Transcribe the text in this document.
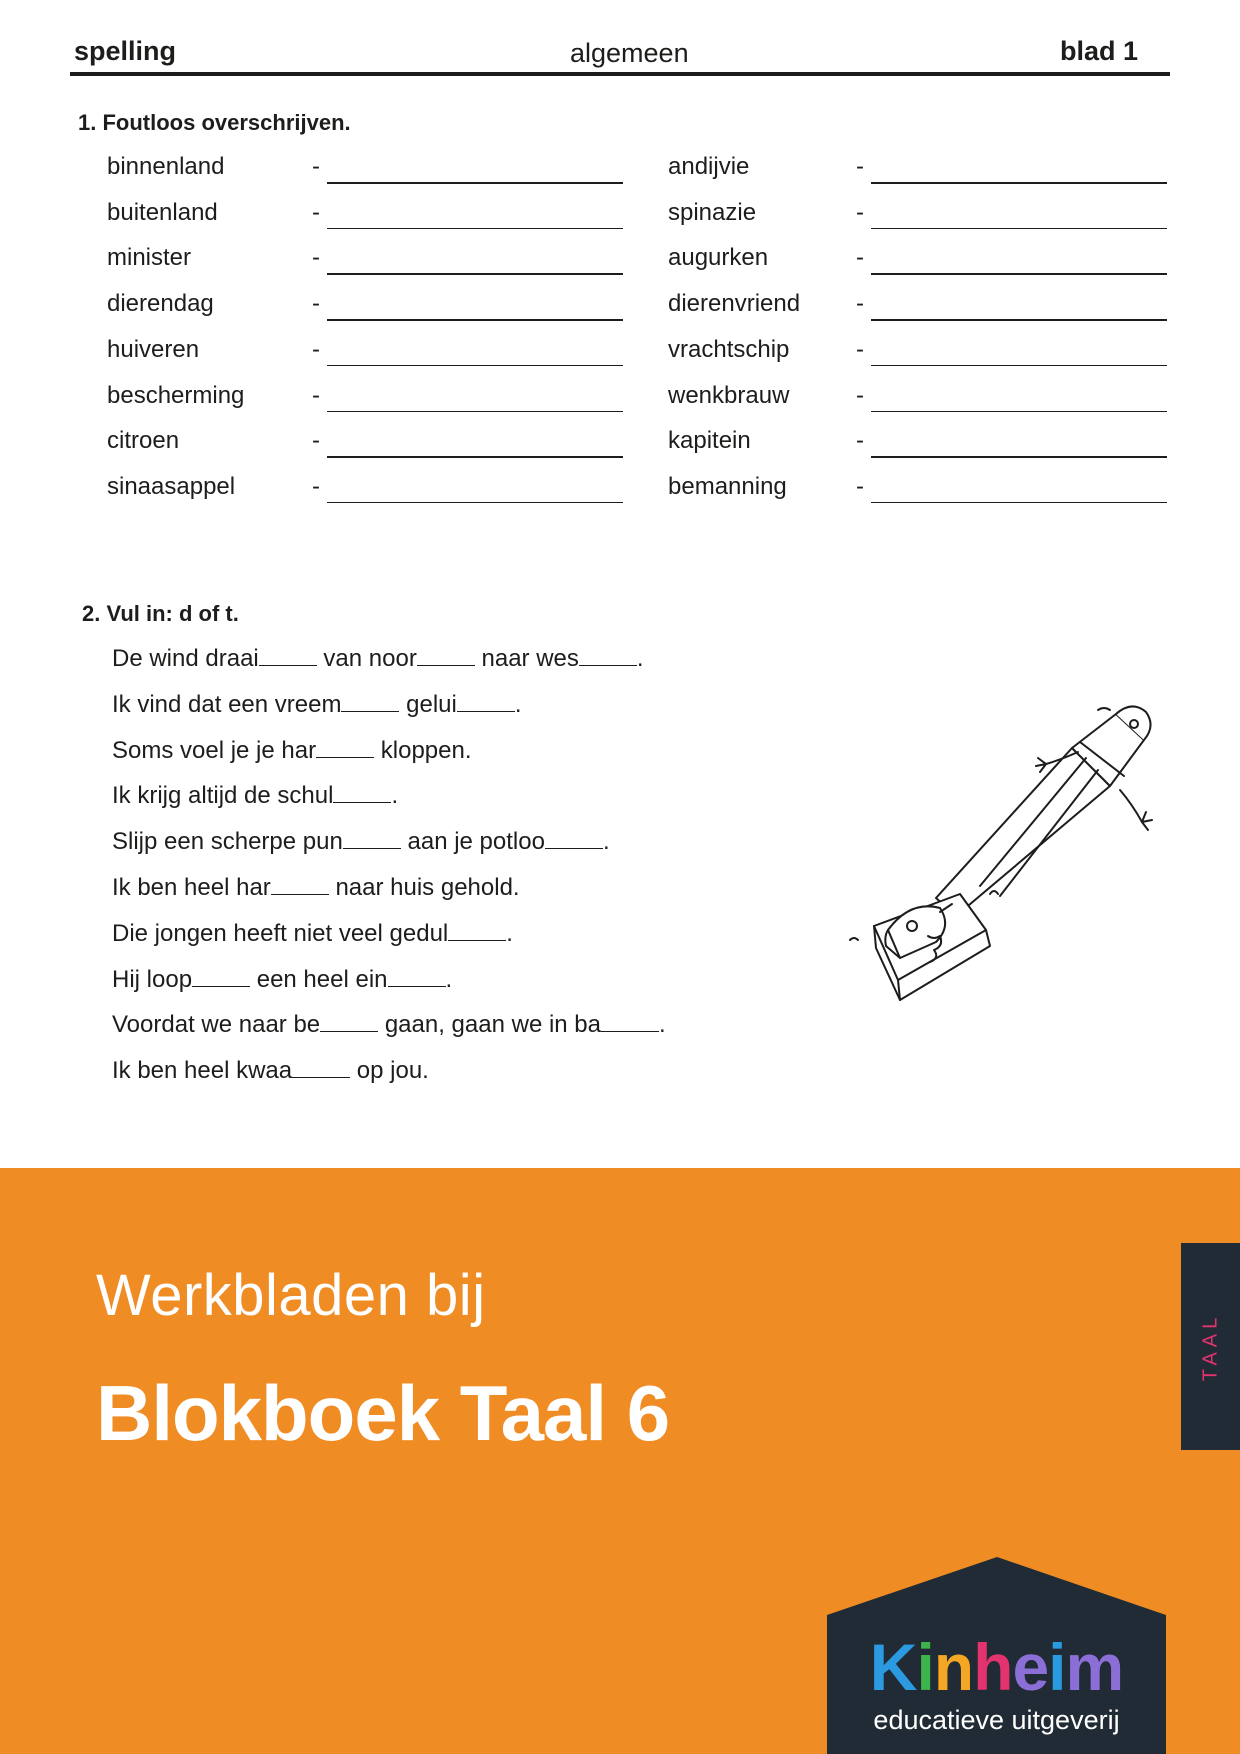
spelling	algemeen	blad 1
1. Foutloos overschrijven.
binnenland	-
buitenland	-
minister	-
dierendag	-
huiveren	-
bescherming	-
citroen	-
sinaasappel	-
andijvie	-
spinazie	-
augurken	-
dierenvriend -
vrachtschip	-
wenkbrauw	-
kapitein	-
bemanning	-
2. Vul in: d of t.
De wind draai van noor naar wes .
Ik vind dat een vreem gelui .
Soms voel je je har kloppen.
Ik krijg altijd de schul .
Slijp een scherpe pun aan je potloo .
Ik ben heel har naar huis gehold.
Die jongen heeft niet veel gedul .
Hij loop een heel ein .
Voordat we naar be gaan, gaan we in ba .
Ik ben heel kwaa op jou.
Werkbladen bij
Blokboek Taal 6
TAAL
Kinheim
educatieve uitgeverij
